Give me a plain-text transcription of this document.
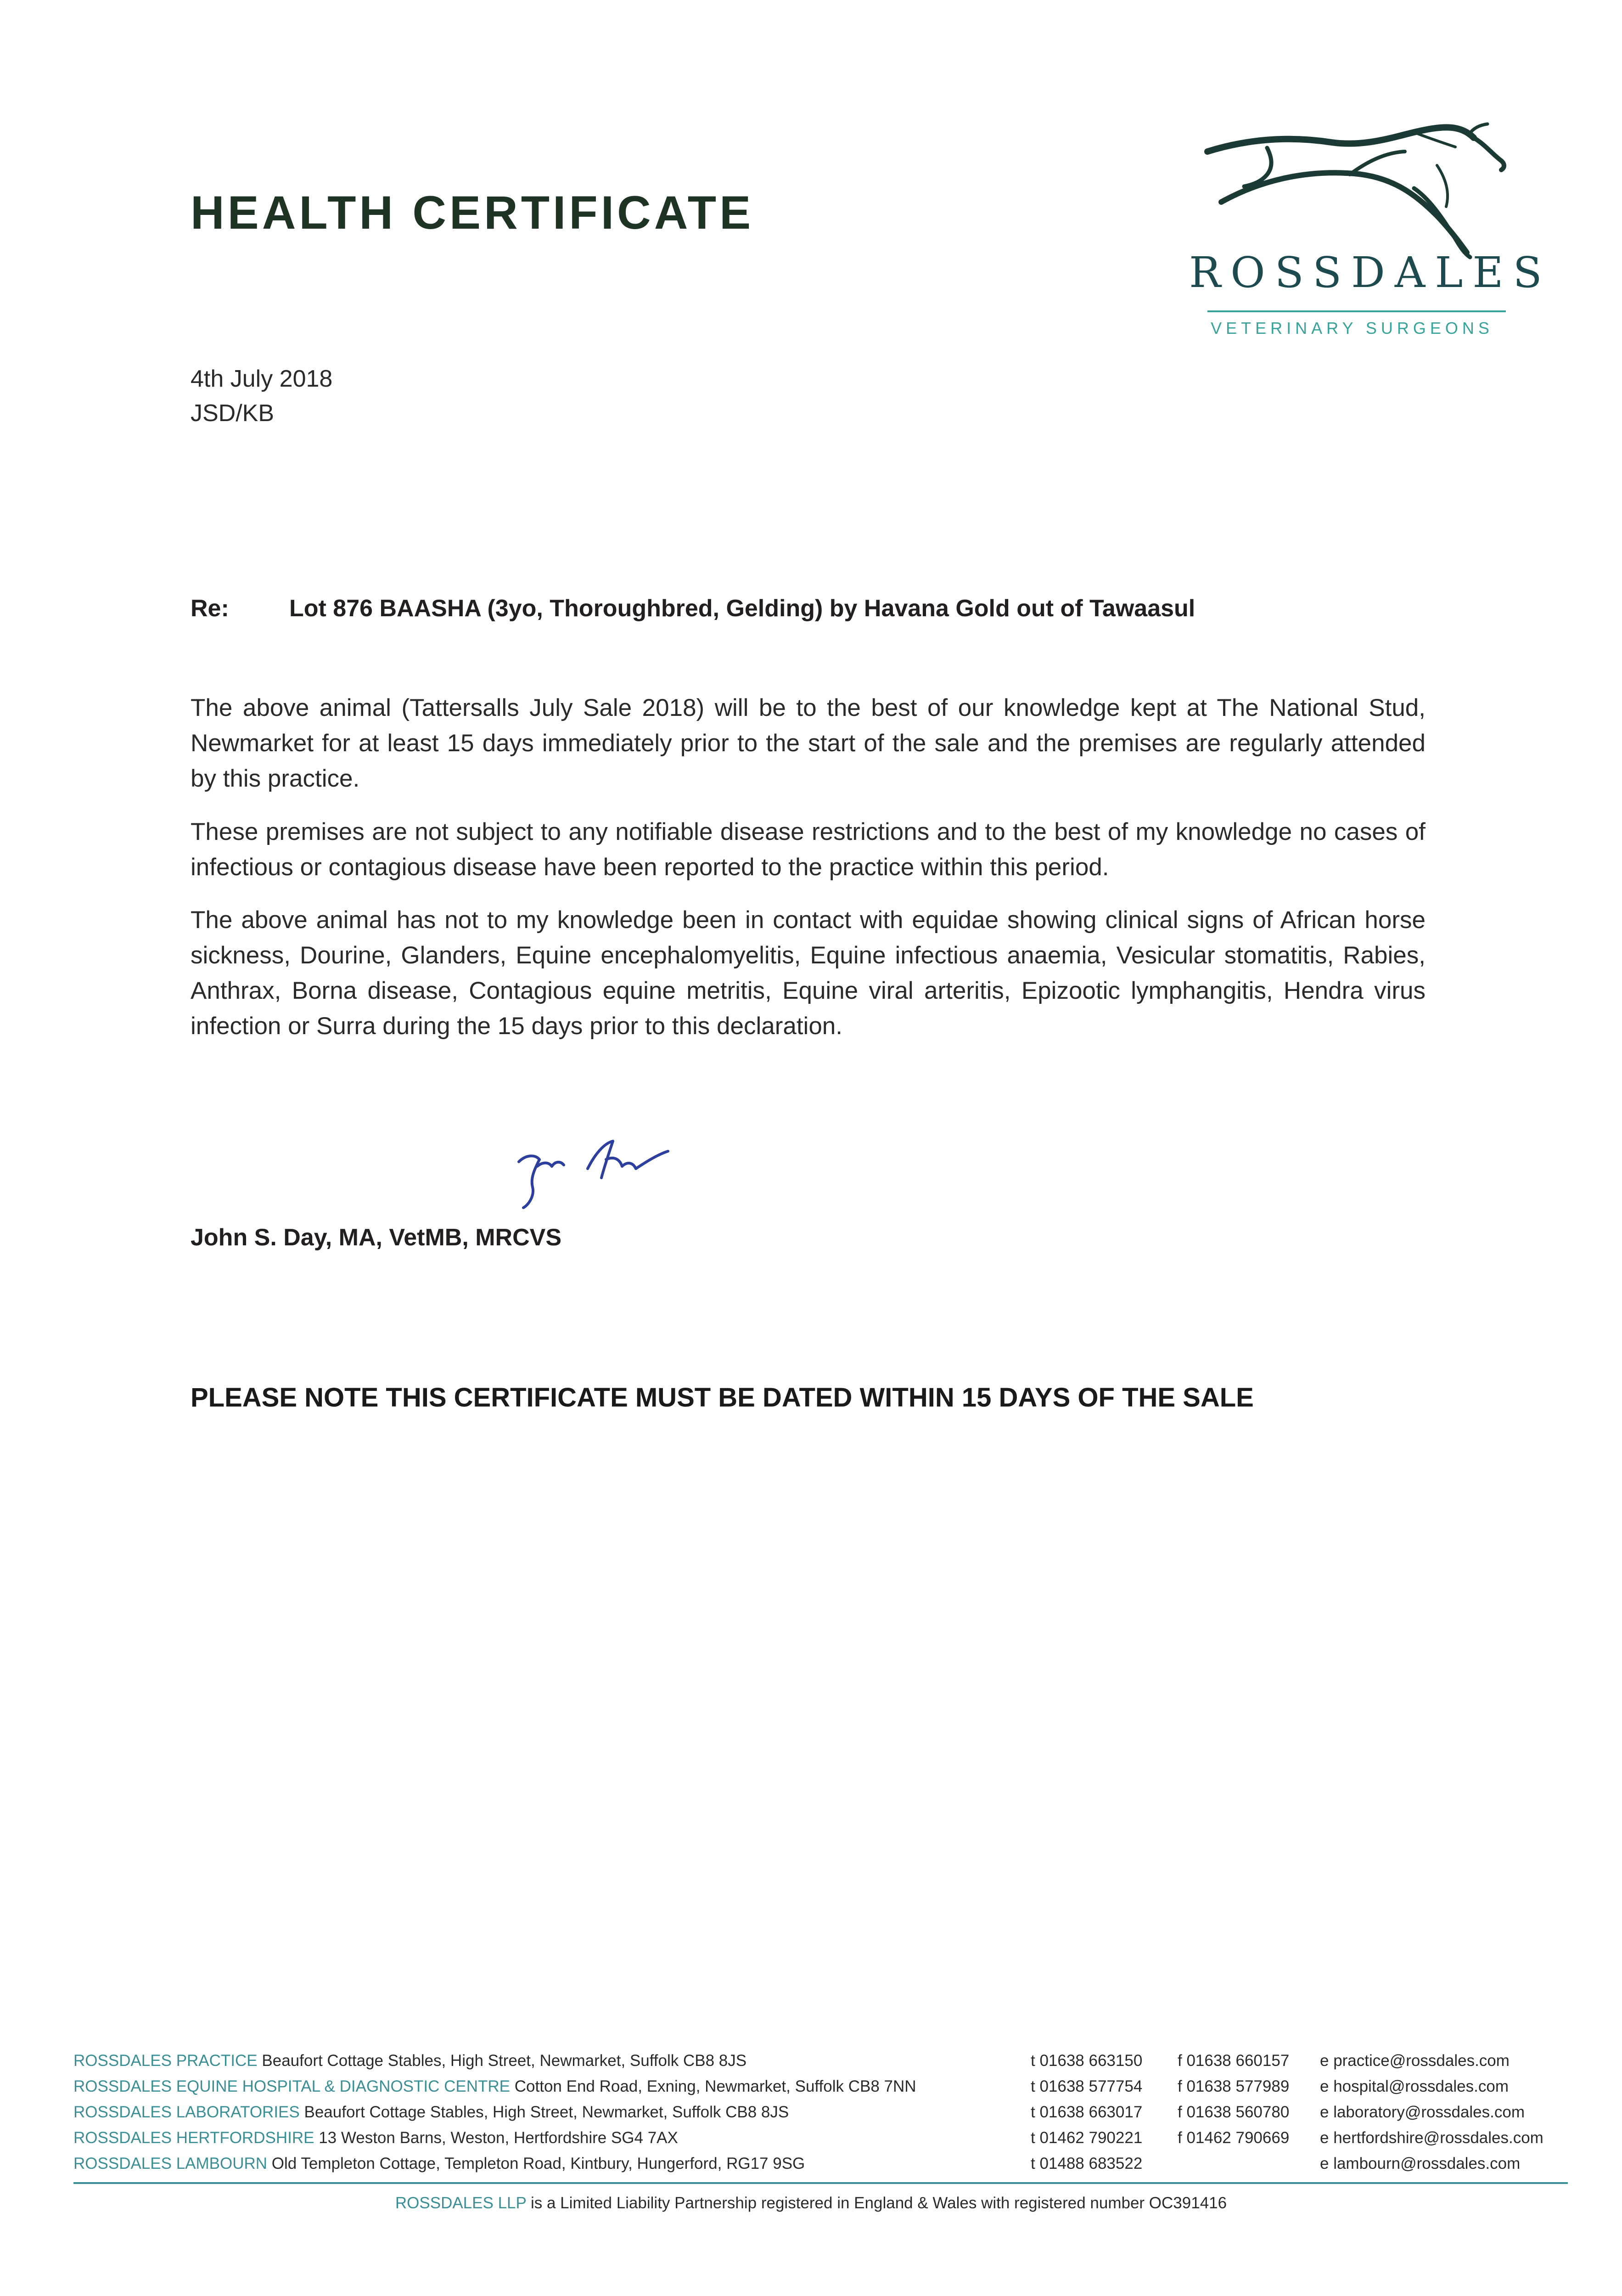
HEALTH CERTIFICATE
ROSSDALES
VETERINARY SURGEONS
4th July 2018
JSD/KB
Re:	Lot 876 BAASHA (3yo, Thoroughbred, Gelding) by Havana Gold out of Tawaasul
The above animal (Tattersalls July Sale 2018) will be to the best of our knowledge kept at The National Stud, Newmarket for at least 15 days immediately prior to the start of the sale and the premises are regularly attended by this practice.
These premises are not subject to any notifiable disease restrictions and to the best of my knowledge no cases of infectious or contagious disease have been reported to the practice within this period.
The above animal has not to my knowledge been in contact with equidae showing clinical signs of African horse sickness, Dourine, Glanders, Equine encephalomyelitis, Equine infectious anaemia, Vesicular stomatitis, Rabies, Anthrax, Borna disease, Contagious equine metritis, Equine viral arteritis, Epizootic lymphangitis, Hendra virus infection or Surra during the 15 days prior to this declaration.
John S. Day, MA, VetMB, MRCVS
PLEASE NOTE THIS CERTIFICATE MUST BE DATED WITHIN 15 DAYS OF THE SALE
ROSSDALES PRACTICE Beaufort Cottage Stables, High Street, Newmarket, Suffolk CB8 8JS	t 01638 663150 f 01638 660157 e practice@rossdales.com
ROSSDALES EQUINE HOSPITAL & DIAGNOSTIC CENTRE Cotton End Road, Exning, Newmarket, Suffolk CB8 7NN	t 01638 577754 f 01638 577989 e hospital@rossdales.com
ROSSDALES LABORATORIES Beaufort Cottage Stables, High Street, Newmarket, Suffolk CB8 8JS	t 01638 663017 f 01638 560780 e laboratory@rossdales.com
ROSSDALES HERTFORDSHIRE 13 Weston Barns, Weston, Hertfordshire SG4 7AX	t 01462 790221 f 01462 790669 e hertfordshire@rossdales.com
ROSSDALES LAMBOURN Old Templeton Cottage, Templeton Road, Kintbury, Hungerford, RG17 9SG	t 01488 683522	e lambourn@rossdales.com
ROSSDALES LLP is a Limited Liability Partnership registered in England & Wales with registered number OC391416
